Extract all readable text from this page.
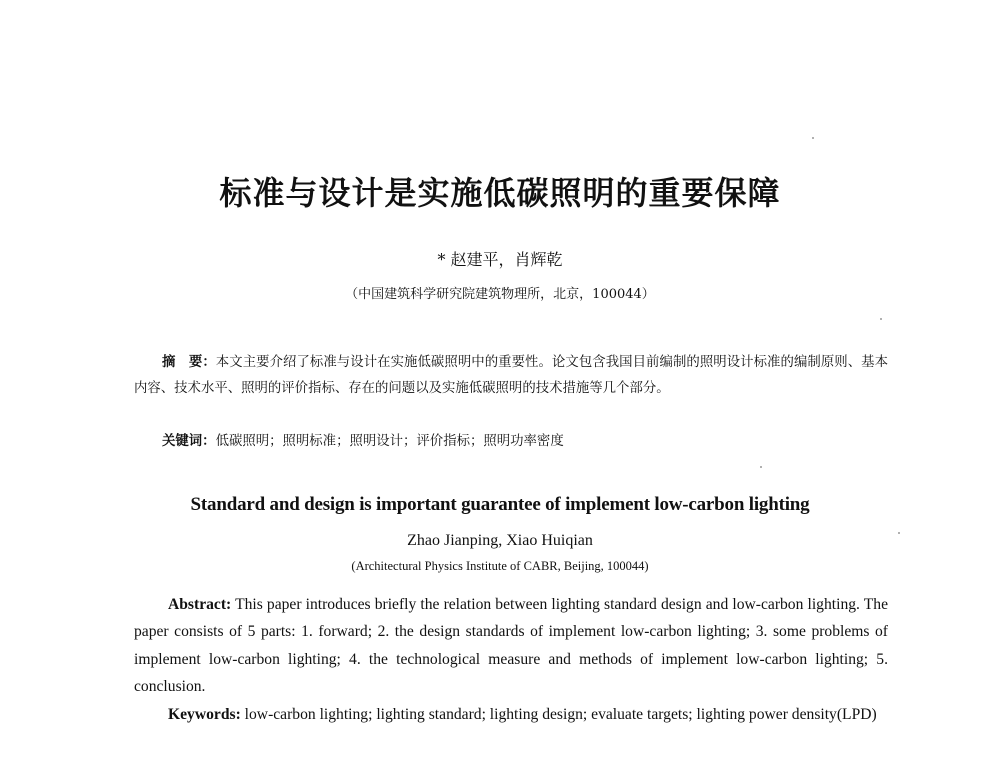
标准与设计是实施低碳照明的重要保障
* 赵建平，肖辉乾
（中国建筑科学研究院建筑物理所，北京，100044）
摘　要：本文主要介绍了标准与设计在实施低碳照明中的重要性。论文包含我国目前编制的照明设计标准的编制原则、基本内容、技术水平、照明的评价指标、存在的问题以及实施低碳照明的技术措施等几个部分。
关键词：低碳照明；照明标准；照明设计；评价指标；照明功率密度
Standard and design is important guarantee of implement low-carbon lighting
Zhao Jianping, Xiao Huiqian
(Architectural Physics Institute of CABR, Beijing, 100044)
Abstract: This paper introduces briefly the relation between lighting standard design and low-carbon lighting. The paper consists of 5 parts: 1. forward; 2. the design standards of implement low-carbon lighting; 3. some problems of implement low-carbon lighting; 4. the technological measure and methods of implement low-carbon lighting; 5. conclusion.
Keywords: low-carbon lighting; lighting standard; lighting design; evaluate targets; lighting power density(LPD)
